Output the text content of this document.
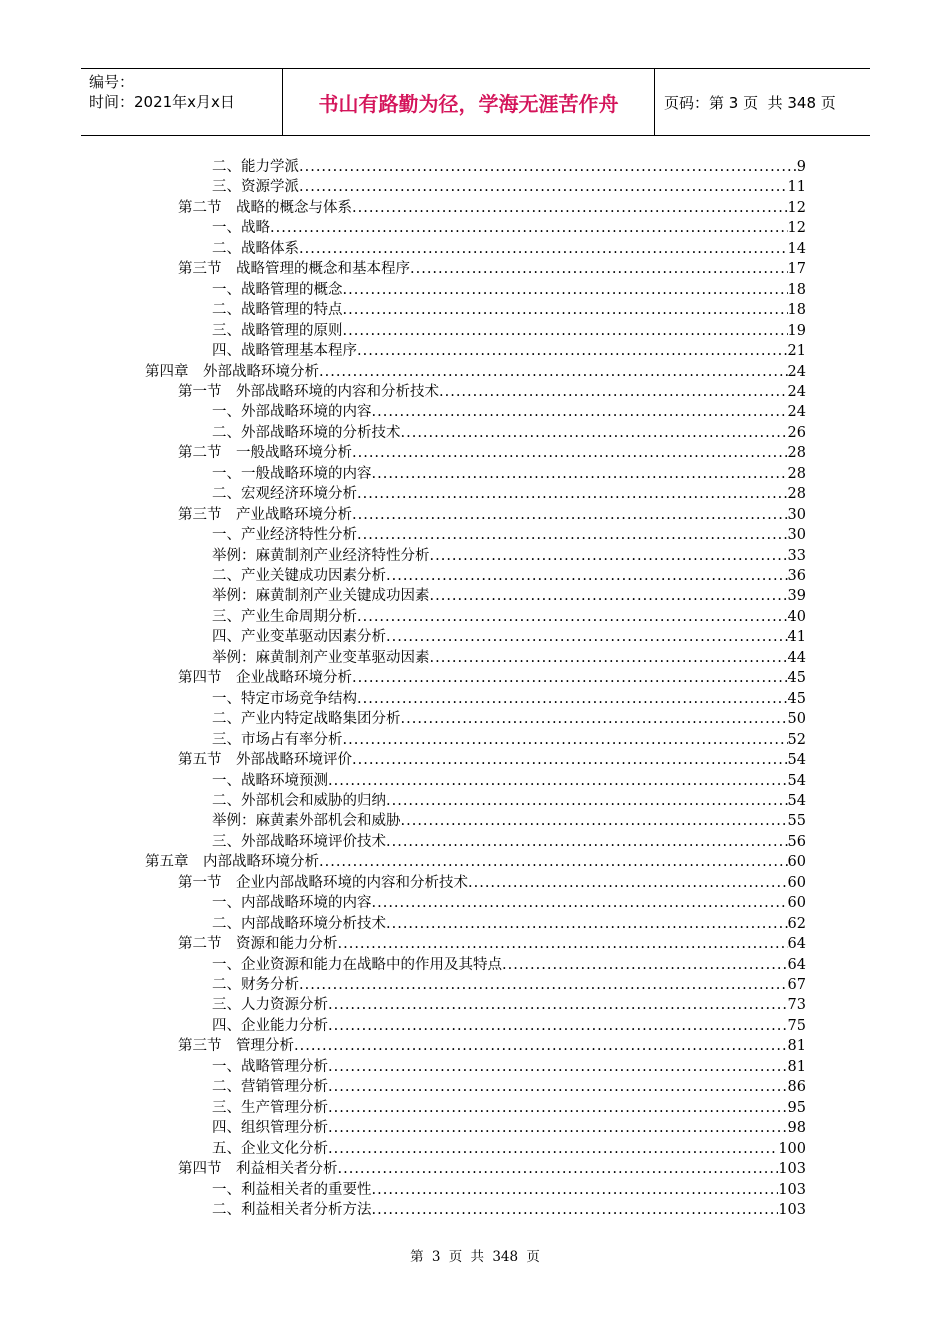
编号：
时间：2021年x月x日	书山有路勤为径，学海无涯苦作舟	页码：第 3 页  共 348 页
二、能力学派 .....	9
三、资源学派 .....	11
第二节　战略的概念与体系 .....	12
一、战略 .....	12
二、战略体系 .....	14
第三节　战略管理的概念和基本程序 .....	17
一、战略管理的概念 .....	18
二、战略管理的特点 .....	18
三、战略管理的原则 .....	19
四、战略管理基本程序 .....	21
第四章　外部战略环境分析 .....	24
第一节　外部战略环境的内容和分析技术 .....	24
一、外部战略环境的内容 .....	24
二、外部战略环境的分析技术 .....	26
第二节　一般战略环境分析 .....	28
一、一般战略环境的内容 .....	28
二、宏观经济环境分析 .....	28
第三节　产业战略环境分析 .....	30
一、产业经济特性分析 .....	30
举例：麻黄制剂产业经济特性分析 .....	33
二、产业关键成功因素分析 .....	36
举例：麻黄制剂产业关键成功因素 .....	39
三、产业生命周期分析 .....	40
四、产业变革驱动因素分析 .....	41
举例：麻黄制剂产业变革驱动因素 .....	44
第四节　企业战略环境分析 .....	45
一、特定市场竞争结构 .....	45
二、产业内特定战略集团分析 .....	50
三、市场占有率分析 .....	52
第五节　外部战略环境评价 .....	54
一、战略环境预测 .....	54
二、外部机会和威胁的归纳 .....	54
举例：麻黄素外部机会和威胁 .....	55
三、外部战略环境评价技术 .....	56
第五章　内部战略环境分析 .....	60
第一节　企业内部战略环境的内容和分析技术 .....	60
一、内部战略环境的内容 .....	60
二、内部战略环境分析技术 .....	62
第二节　资源和能力分析 .....	64
一、企业资源和能力在战略中的作用及其特点 .....	64
二、财务分析 .....	67
三、人力资源分析 .....	73
四、企业能力分析 .....	75
第三节　管理分析 .....	81
一、战略管理分析 .....	81
二、营销管理分析 .....	86
三、生产管理分析 .....	95
四、组织管理分析 .....	98
五、企业文化分析 .....	100
第四节　利益相关者分析 .....	103
一、利益相关者的重要性 .....	103
二、利益相关者分析方法 .....	103
第 3 页 共 348 页
